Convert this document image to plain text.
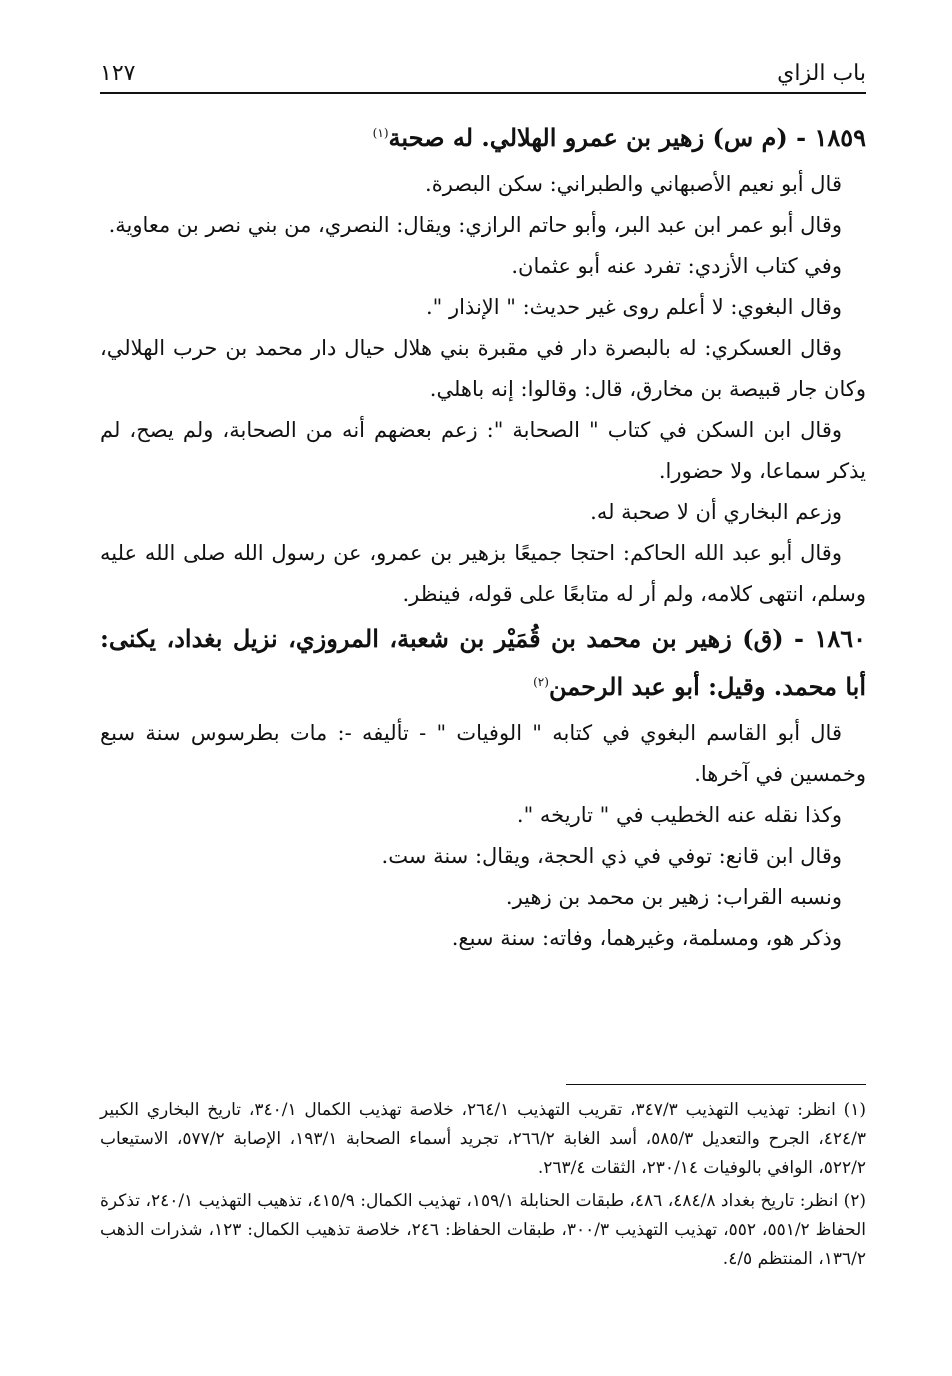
باب الزاي
١٢٧

١٨٥٩ - (م س) زهير بن عمرو الهلالي. له صحبة$^{(١)}$

قال أبو نعيم الأصبهاني والطبراني: سكن البصرة.

وقال أبو عمر ابن عبد البر، وأبو حاتم الرازي: ويقال: النصري، من بني نصر بن معاوية.

وفي كتاب الأزدي: تفرد عنه أبو عثمان.

وقال البغوي: لا أعلم روى غير حديث: " الإنذار ".

وقال العسكري: له بالبصرة دار في مقبرة بني هلال حيال دار محمد بن حرب الهلالي، وكان جار قبيصة بن مخارق، قال: وقالوا: إنه باهلي.

وقال ابن السكن في كتاب " الصحابة ": زعم بعضهم أنه من الصحابة، ولم يصح، لم يذكر سماعا، ولا حضورا.

وزعم البخاري أن لا صحبة له.

وقال أبو عبد الله الحاكم: احتجا جميعًا بزهير بن عمرو، عن رسول الله صلى الله عليه وسلم، انتهى كلامه، ولم أر له متابعًا على قوله، فينظر.

١٨٦٠ - (ق) زهير بن محمد بن قُمَيْر بن شعبة، المروزي، نزيل بغداد، يكنى: أبا محمد. وقيل: أبو عبد الرحمن$^{(٢)}$

قال أبو القاسم البغوي في كتابه " الوفيات " - تأليفه -: مات بطرسوس سنة سبع وخمسين في آخرها.

وكذا نقله عنه الخطيب في " تاريخه ".

وقال ابن قانع: توفي في ذي الحجة، ويقال: سنة ست.

ونسبه القراب: زهير بن محمد بن زهير.

وذكر هو، ومسلمة، وغيرهما، وفاته: سنة سبع.

(١) انظر: تهذيب التهذيب ٣٤٧/٣، تقريب التهذيب ٢٦٤/١، خلاصة تهذيب الكمال ٣٤٠/١، تاريخ البخاري الكبير ٤٢٤/٣، الجرح والتعديل ٥٨٥/٣، أسد الغابة ٢٦٦/٢، تجريد أسماء الصحابة ١٩٣/١، الإصابة ٥٧٧/٢، الاستيعاب ٥٢٢/٢، الوافي بالوفيات ٢٣٠/١٤، الثقات ٢٦٣/٤.

(٢) انظر: تاريخ بغداد ٤٨٤/٨، ٤٨٦، طبقات الحنابلة ١٥٩/١، تهذيب الكمال: ٤١٥/٩، تذهيب التهذيب ٢٤٠/١، تذكرة الحفاظ ٥٥١/٢، ٥٥٢، تهذيب التهذيب ٣٠٠/٣، طبقات الحفاظ: ٢٤٦، خلاصة تذهيب الكمال: ١٢٣، شذرات الذهب ١٣٦/٢، المنتظم ٤/٥.
